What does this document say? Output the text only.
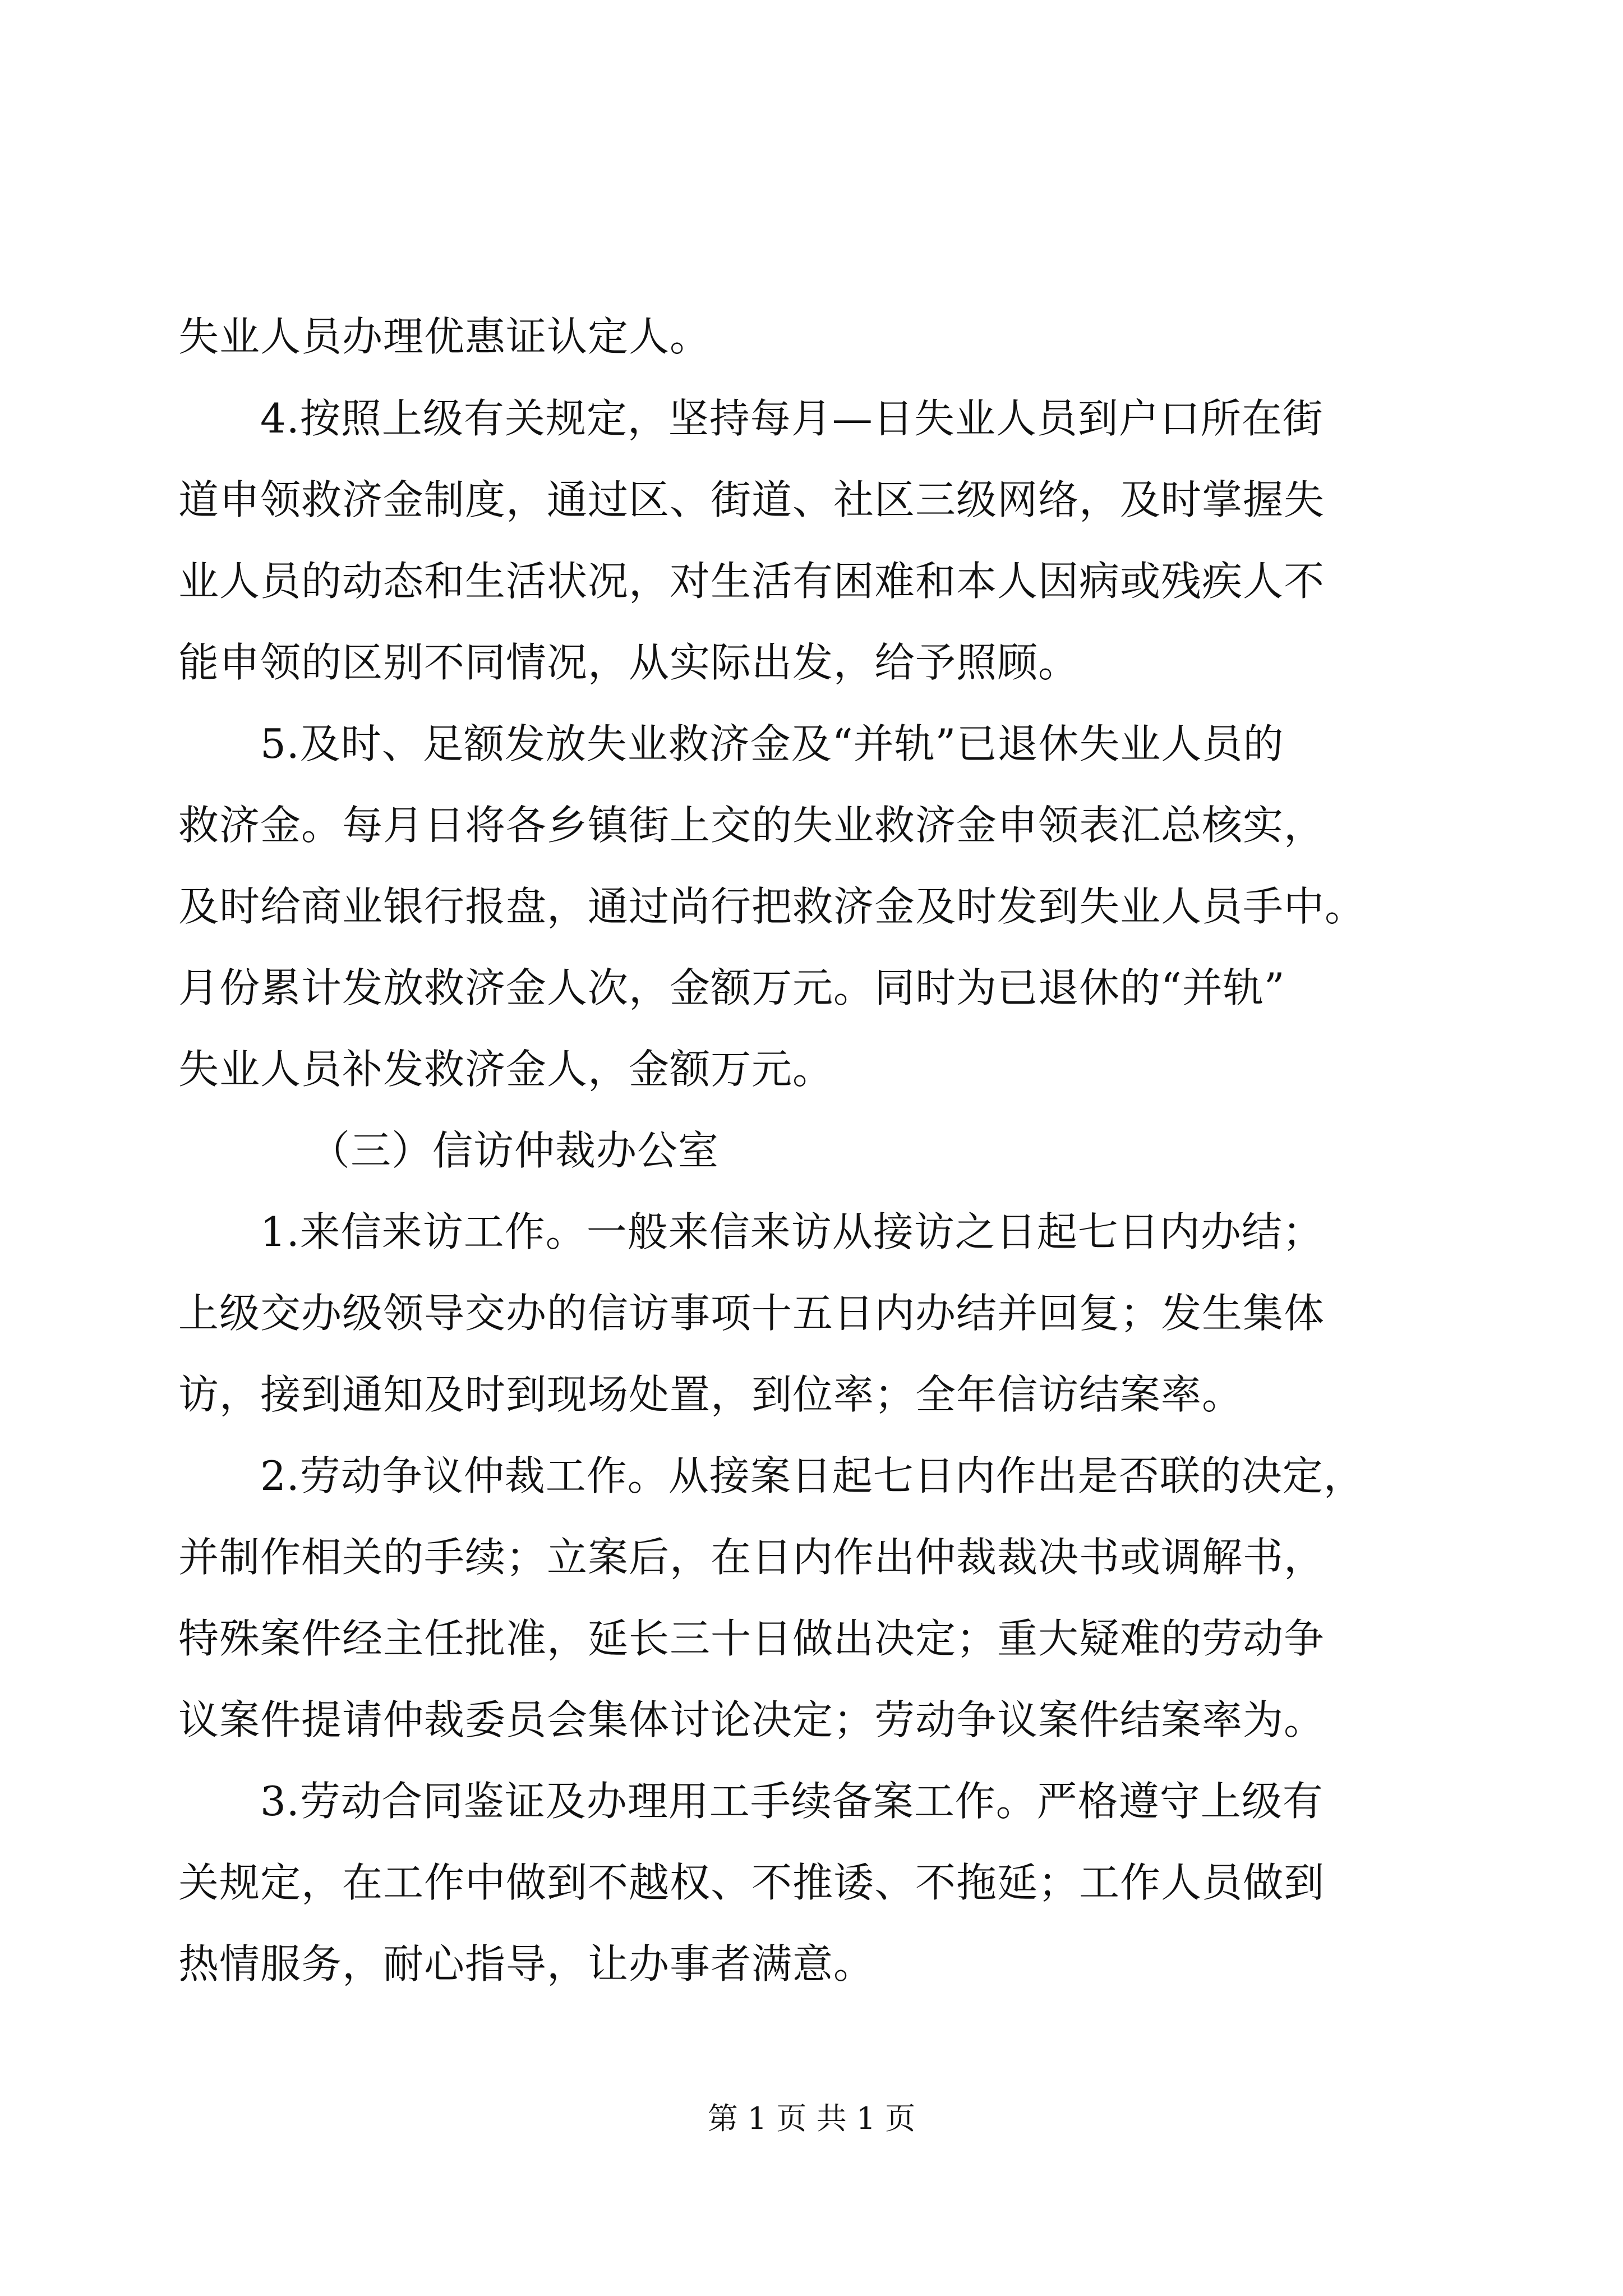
失业人员办理优惠证认定人。
　　4.按照上级有关规定，坚持每月—日失业人员到户口所在街
道申领救济金制度，通过区、街道、社区三级网络，及时掌握失
业人员的动态和生活状况，对生活有困难和本人因病或残疾人不
能申领的区别不同情况，从实际出发，给予照顾。
　　5.及时、足额发放失业救济金及“并轨”已退休失业人员的
救济金。每月日将各乡镇街上交的失业救济金申领表汇总核实，
及时给商业银行报盘，通过尚行把救济金及时发到失业人员手中。
月份累计发放救济金人次，金额万元。同时为已退休的“并轨”
失业人员补发救济金人，金额万元。
（三）信访仲裁办公室
　　1.来信来访工作。一般来信来访从接访之日起七日内办结；
上级交办级领导交办的信访事项十五日内办结并回复；发生集体
访，接到通知及时到现场处置，到位率；全年信访结案率。
　　2.劳动争议仲裁工作。从接案日起七日内作出是否联的决定，
并制作相关的手续；立案后，在日内作出仲裁裁决书或调解书，
特殊案件经主任批准，延长三十日做出决定；重大疑难的劳动争
议案件提请仲裁委员会集体讨论决定；劳动争议案件结案率为。
　　3.劳动合同鉴证及办理用工手续备案工作。严格遵守上级有
关规定，在工作中做到不越权、不推诿、不拖延；工作人员做到
热情服务，耐心指导，让办事者满意。
第 1 页 共 1 页
